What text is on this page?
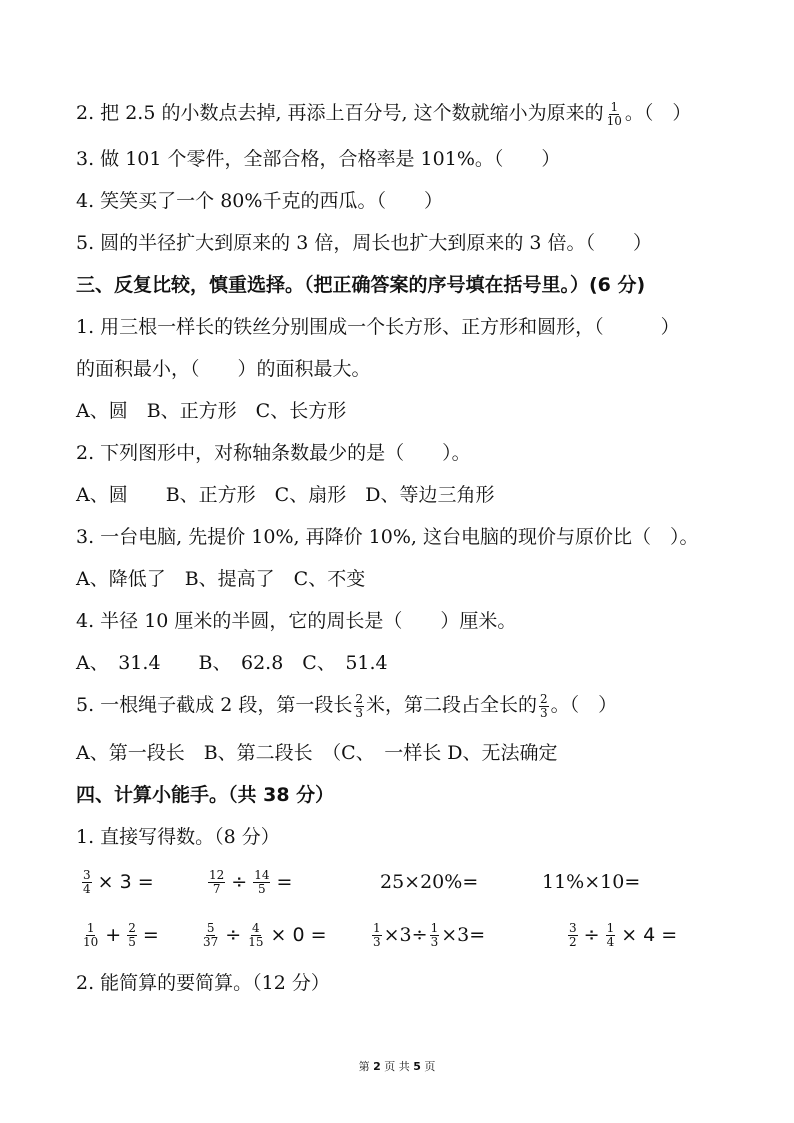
2. 把 2.5 的小数点去掉, 再添上百分号, 这个数就缩小为原来的 $\frac{1}{10}$ 。（　）
3. 做 101 个零件，全部合格，合格率是 101%。（　　）
4. 笑笑买了一个 80%千克的西瓜。（　　）
5. 圆的半径扩大到原来的 3 倍，周长也扩大到原来的 3 倍。（　　）
三、反复比较，慎重选择。（把正确答案的序号填在括号里。）(6 分)
1. 用三根一样长的铁丝分别围成一个长方形、正方形和圆形，（　　　）
的面积最小，（　　）的面积最大。
A、圆　B、正方形　C、长方形
2. 下列图形中，对称轴条数最少的是（　　）。
A、圆　　B、正方形　C、扇形　D、等边三角形
3. 一台电脑, 先提价 10%, 再降价 10%, 这台电脑的现价与原价比（　）。
A、降低了　B、提高了　C、不变
4. 半径 10 厘米的半圆，它的周长是（　　）厘米。
A、　31.4　　B、　62.8　C、　51.4
5. 一根绳子截成 2 段，第一段长 $\frac{2}{3}$ 米，第二段占全长的 $\frac{2}{3}$ 。（　）
A、第一段长　B、第二段长　（C、　一样长 D、无法确定
四、计算小能手。（共 38 分）
1. 直接写得数。（8 分）
$\frac{3}{4} \times 3$ =	$\frac{12}{7} \div \frac{14}{5}$ =	25×20%=	11%×10=
$\frac{1}{10} + \frac{2}{5}$ =	$\frac{5}{37} \div \frac{4}{15} \times 0$ =	$\frac{1}{3} \times 3\div \frac{1}{3} \times 3=$	$\frac{3}{2} \div \frac{1}{4} \times 4$ =
2. 能简算的要简算。（12 分）
第 2 页 共 5 页
